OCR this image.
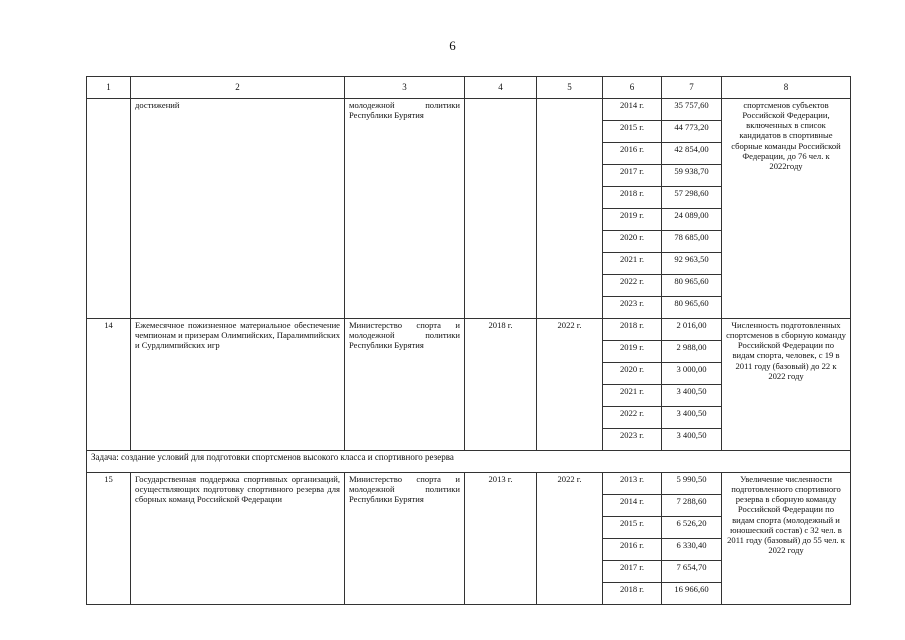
6
1	2	3	4	5	6	7	8
	достижений	молодежной политики Республики Бурятия			2014 г.	35 757,60	спортсменов субъектов Российской Федерации, включенных в список кандидатов в спортивные сборные команды Российской Федерации, до 76 чел. к 2022году
					2015 г.	44 773,20	
					2016 г.	42 854,00	
					2017 г.	59 938,70	
					2018 г.	57 298,60	
					2019 г.	24 089,00	
					2020 г.	78 685,00	
					2021 г.	92 963,50	
					2022 г.	80 965,60	
					2023 г.	80 965,60	
14	Ежемесячное пожизненное материальное обеспечение чемпионам и призерам Олимпийских, Паралимпийских и Сурдлимпийских игр	Министерство спорта и молодежной политики Республики Бурятия	2018 г.	2022 г.	2018 г.	2 016,00	Численность подготовленных спортсменов в сборную команду Российской Федерации по видам спорта, человек, с 19 в 2011 году (базовый) до 22 к 2022 году
					2019 г.	2 988,00	
					2020 г.	3 000,00	
					2021 г.	3 400,50	
					2022 г.	3 400,50	
					2023 г.	3 400,50	
Задача: создание условий для подготовки спортсменов высокого класса и спортивного резерва							
15	Государственная поддержка спортивных организаций, осуществляющих подготовку спортивного резерва для сборных команд Российской Федерации	Министерство спорта и молодежной политики Республики Бурятия	2013 г.	2022 г.	2013 г.	5 990,50	Увеличение численности подготовленного спортивного резерва в сборную команду Российской Федерации по видам спорта (молодежный и юношеский состав) с 32 чел. в 2011 году (базовый) до 55 чел. к 2022 году
					2014 г.	7 288,60	
					2015 г.	6 526,20	
					2016 г.	6 330,40	
					2017 г.	7 654,70	
					2018 г.	16 966,60	
